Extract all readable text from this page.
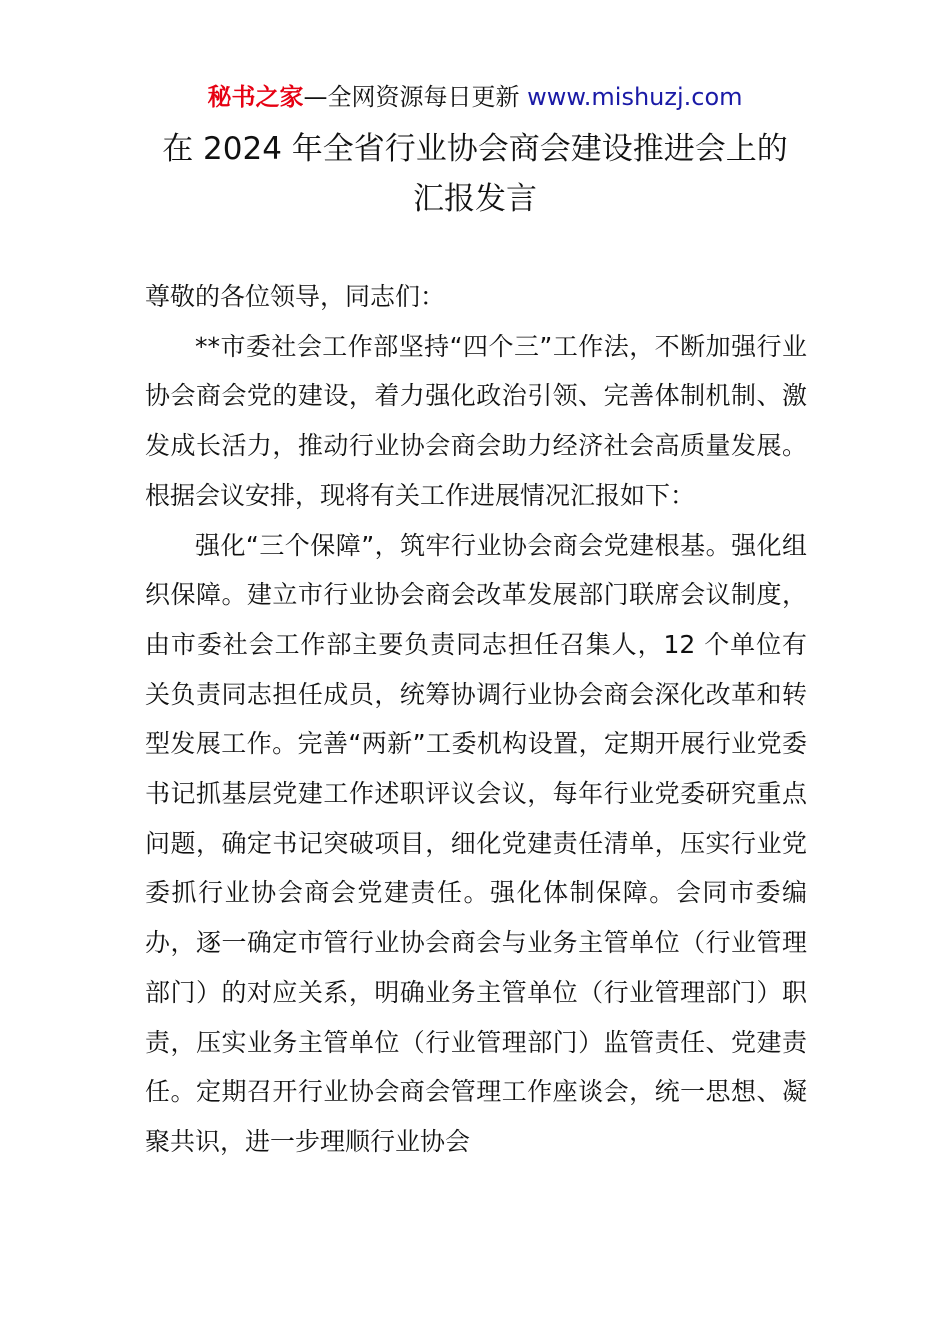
秘书之家—全网资源每日更新 www.mishuzj.com
在 2024 年全省行业协会商会建设推进会上的
汇报发言

尊敬的各位领导，同志们：

**市委社会工作部坚持“四个三”工作法，不断加强行业协会商会党的建设，着力强化政治引领、完善体制机制、激发成长活力，推动行业协会商会助力经济社会高质量发展。根据会议安排，现将有关工作进展情况汇报如下：

强化“三个保障”，筑牢行业协会商会党建根基。强化组织保障。建立市行业协会商会改革发展部门联席会议制度，由市委社会工作部主要负责同志担任召集人，12 个单位有关负责同志担任成员，统筹协调行业协会商会深化改革和转型发展工作。完善“两新”工委机构设置，定期开展行业党委书记抓基层党建工作述职评议会议，每年行业党委研究重点问题，确定书记突破项目，细化党建责任清单，压实行业党委抓行业协会商会党建责任。强化体制保障。会同市委编办，逐一确定市管行业协会商会与业务主管单位（行业管理部门）的对应关系，明确业务主管单位（行业管理部门）职责，压实业务主管单位（行业管理部门）监管责任、党建责任。定期召开行业协会商会管理工作座谈会，统一思想、凝聚共识，进一步理顺行业协会
